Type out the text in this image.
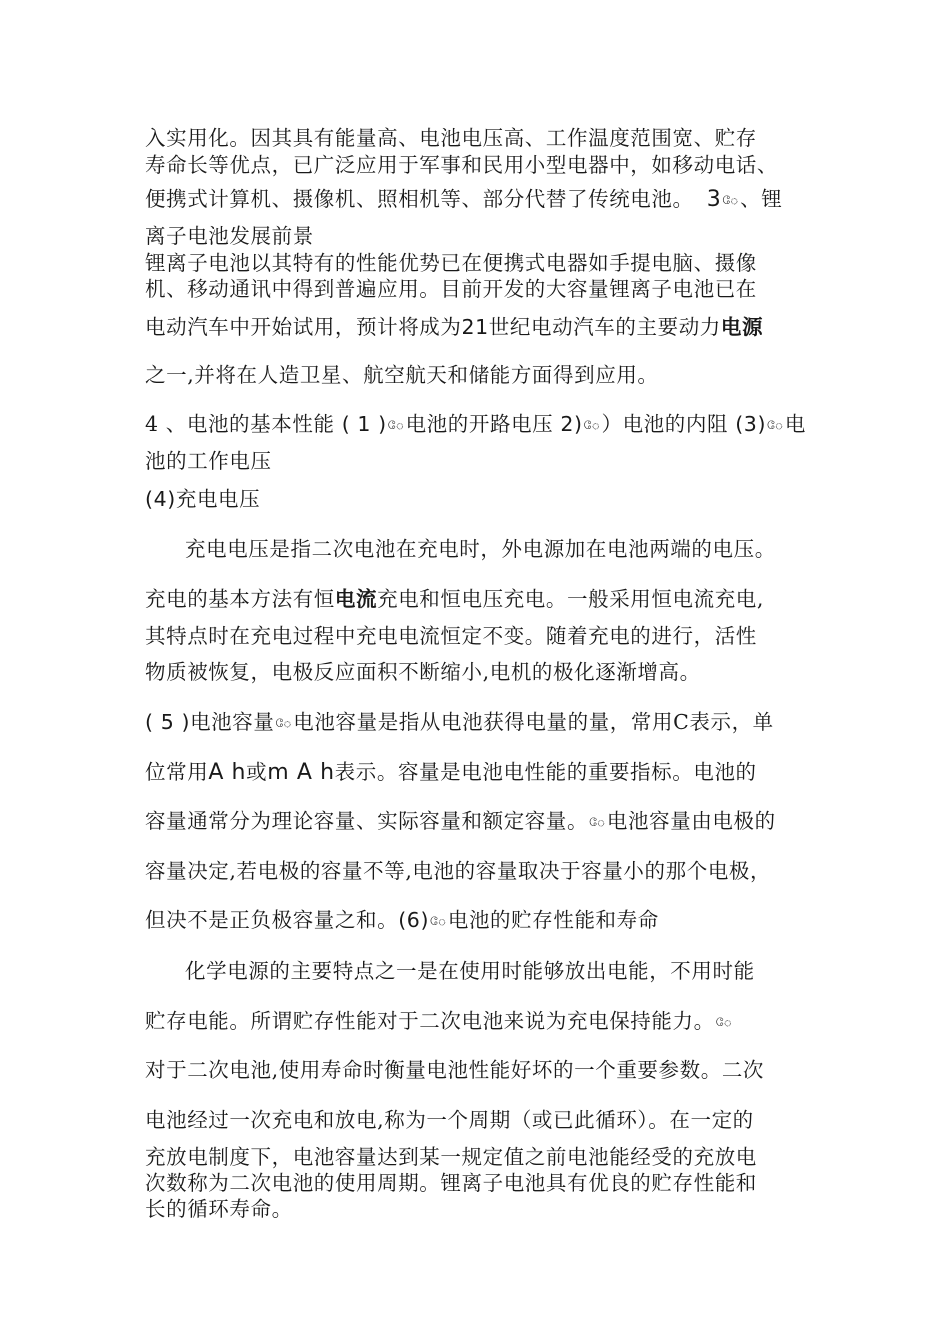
入实用化。因其具有能量高、电池电压高、工作温度范围宽、贮存
寿命长等优点，已广泛应用于军事和民用小型电器中，如移动电话、
便携式计算机、摄像机、照相机等、部分代替了传统电池。 3ே、锂
离子电池发展前景
锂离子电池以其特有的性能优势已在便携式电器如手提电脑、摄像
机、移动通讯中得到普遍应用。目前开发的大容量锂离子电池已在
电动汽车中开始试用，预计将成为21世纪电动汽车的主要动力电源
之一,并将在人造卫星、航空航天和储能方面得到应用。
4 、电池的基本性能 ( 1 )ே电池的开路电压 2)ே）电池的内阻 (3)ே电
池的工作电压
(4)充电电压
充电电压是指二次电池在充电时，外电源加在电池两端的电压。
充电的基本方法有恒电流充电和恒电压充电。一般采用恒电流充电,
其特点时在充电过程中充电电流恒定不变。随着充电的进行，活性
物质被恢复，电极反应面积不断缩小,电机的极化逐渐增高。
( 5 )电池容量ே电池容量是指从电池获得电量的量，常用C表示，单
位常用A h或m A h表示。容量是电池电性能的重要指标。电池的
容量通常分为理论容量、实际容量和额定容量。ே电池容量由电极的
容量决定,若电极的容量不等,电池的容量取决于容量小的那个电极，
但决不是正负极容量之和。(6)ே电池的贮存性能和寿命
化学电源的主要特点之一是在使用时能够放出电能，不用时能
贮存电能。所谓贮存性能对于二次电池来说为充电保持能力。ே
对于二次电池,使用寿命时衡量电池性能好坏的一个重要参数。二次
电池经过一次充电和放电,称为一个周期（或已此循环）。在一定的
充放电制度下，电池容量达到某一规定值之前电池能经受的充放电
次数称为二次电池的使用周期。锂离子电池具有优良的贮存性能和
长的循环寿命。
